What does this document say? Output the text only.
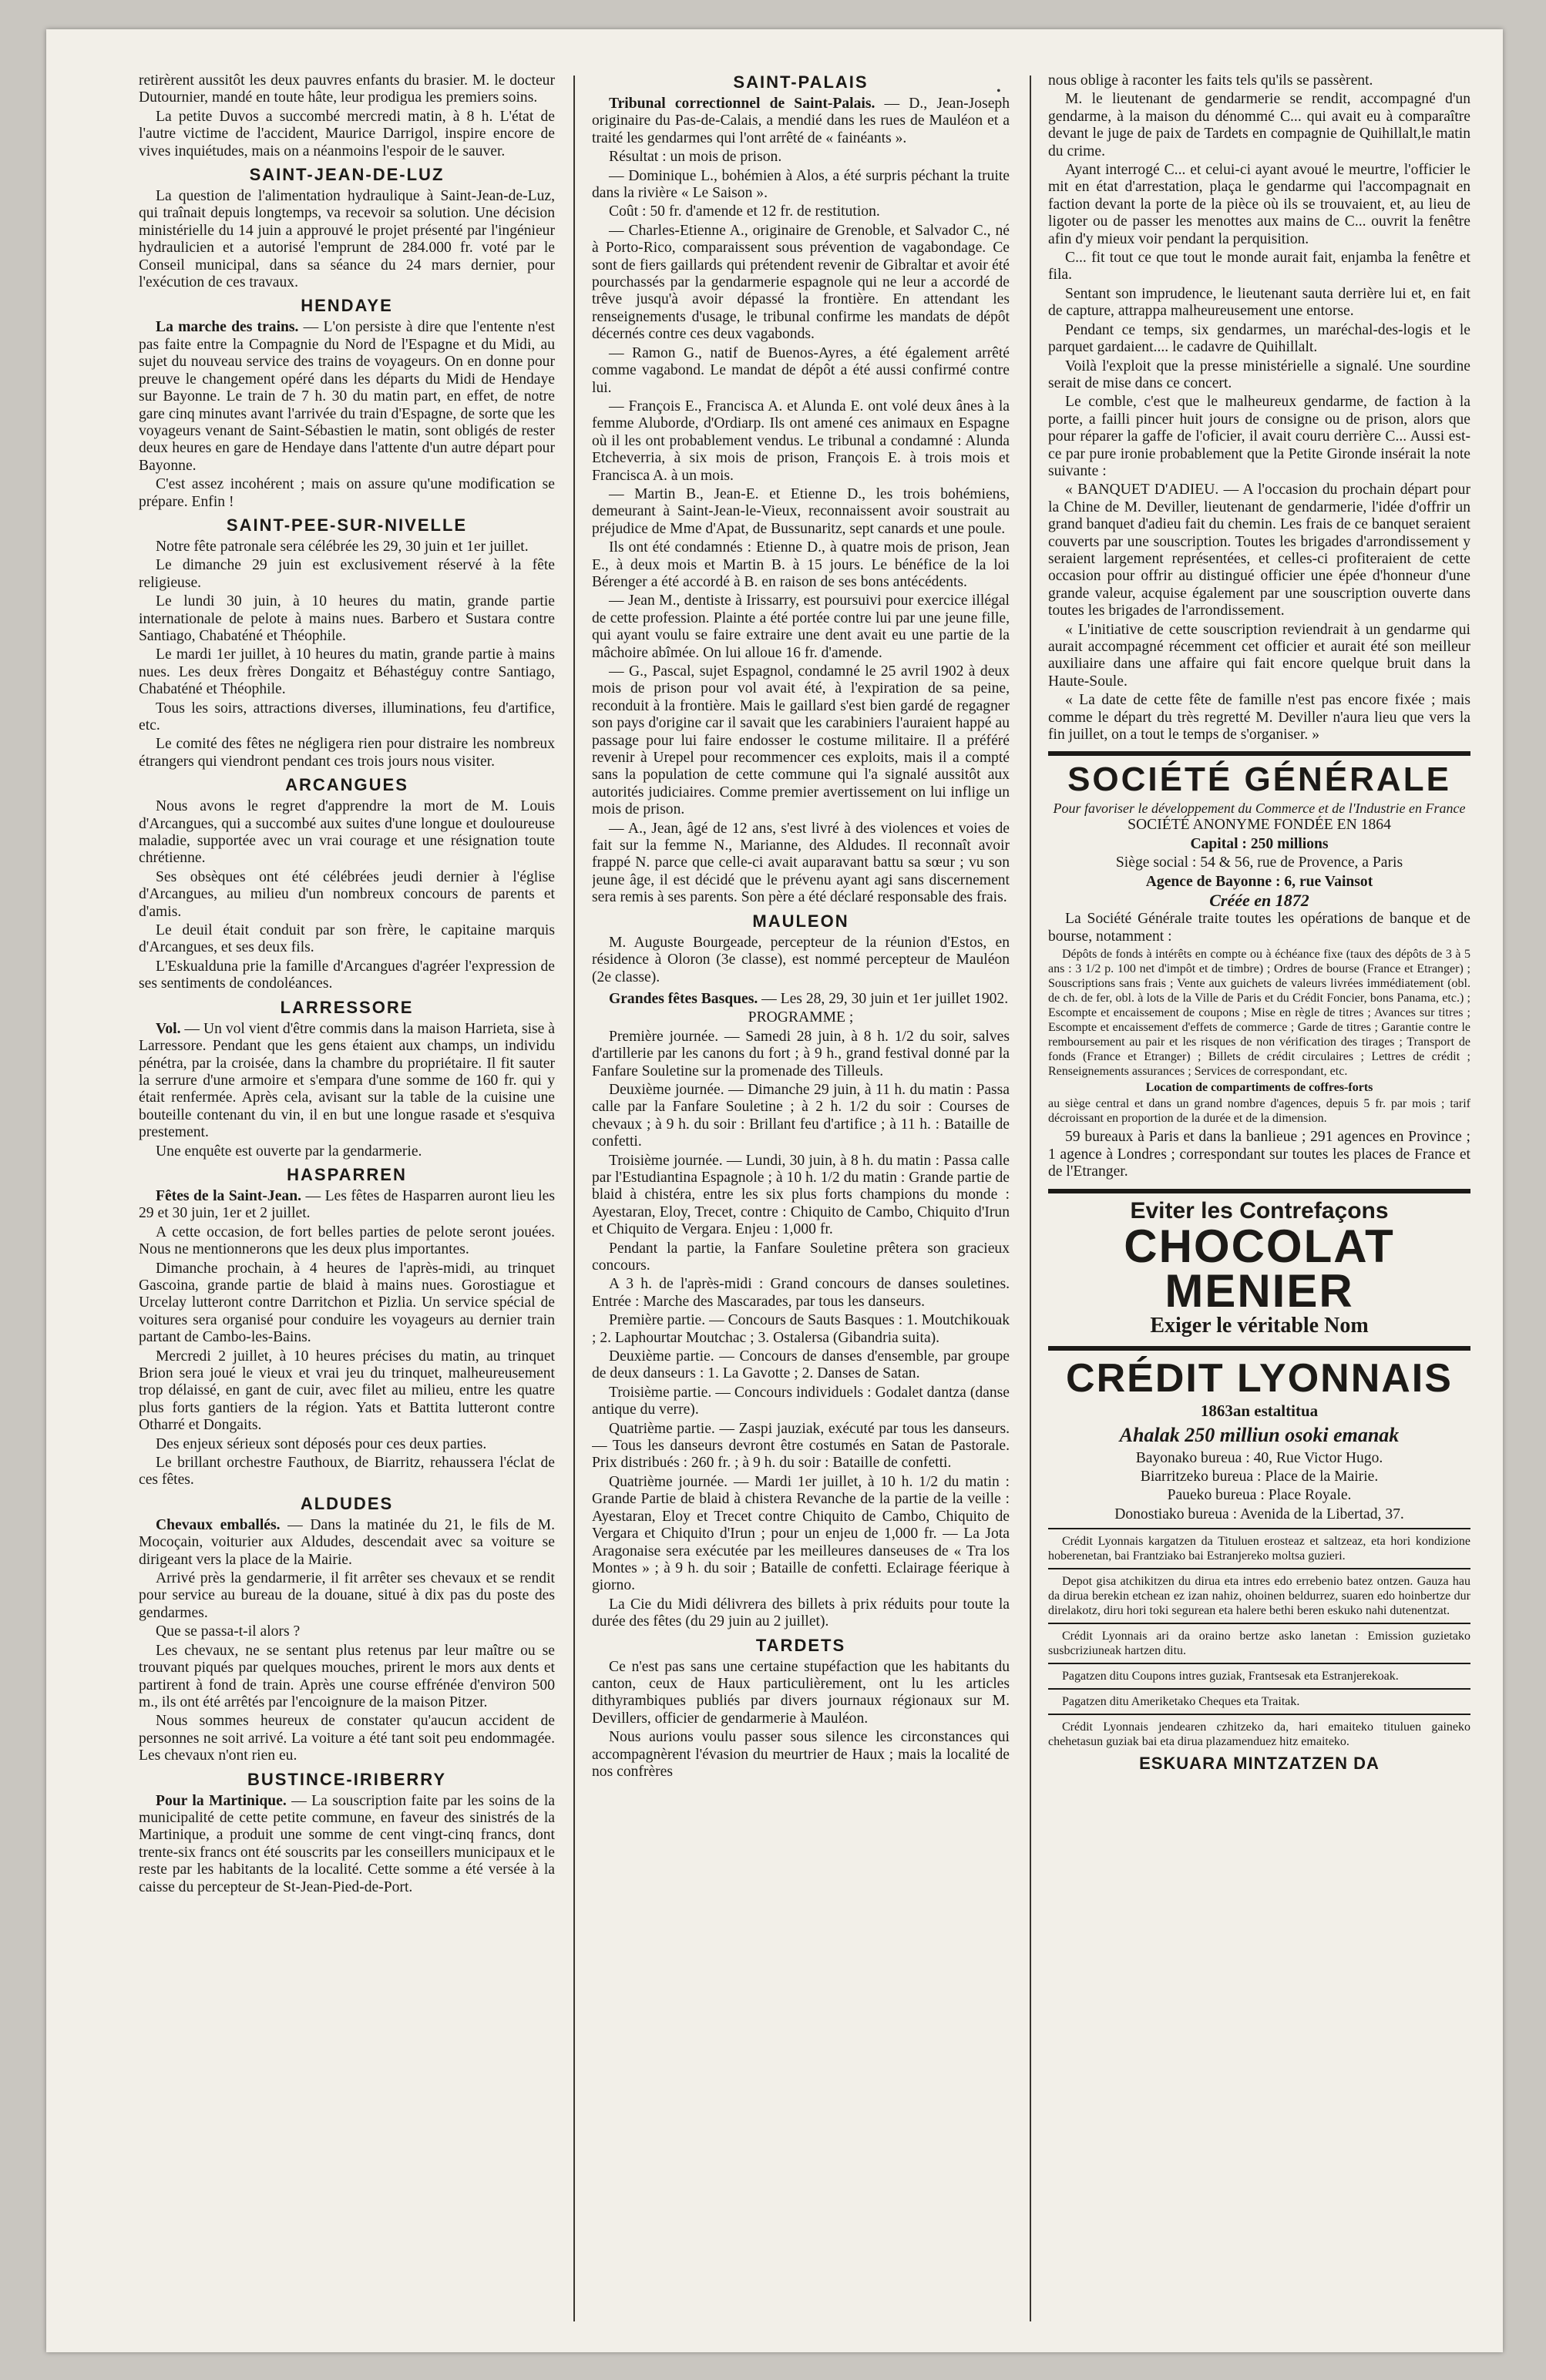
•

retirèrent aussitôt les deux pauvres enfants du brasier. M. le docteur Dutournier, mandé en toute hâte, leur prodigua les premiers soins.

La petite Duvos a succombé mercredi matin, à 8 h. L'état de l'autre victime de l'accident, Maurice Darrigol, inspire encore de vives inquiétudes, mais on a néanmoins l'espoir de le sauver.

SAINT-JEAN-DE-LUZ

La question de l'alimentation hydraulique à Saint-Jean-de-Luz, qui traînait depuis longtemps, va recevoir sa solution. Une décision ministérielle du 14 juin a approuvé le projet présenté par l'ingénieur hydraulicien et a autorisé l'emprunt de 284.000 fr. voté par le Conseil municipal, dans sa séance du 24 mars dernier, pour l'exécution de ces travaux.

HENDAYE

La marche des trains. — L'on persiste à dire que l'entente n'est pas faite entre la Compagnie du Nord de l'Espagne et du Midi, au sujet du nouveau service des trains de voyageurs. On en donne pour preuve le changement opéré dans les départs du Midi de Hendaye sur Bayonne. Le train de 7 h. 30 du matin part, en effet, de notre gare cinq minutes avant l'arrivée du train d'Espagne, de sorte que les voyageurs venant de Saint-Sébastien le matin, sont obligés de rester deux heures en gare de Hendaye dans l'attente d'un autre départ pour Bayonne.

C'est assez incohérent ; mais on assure qu'une modification se prépare. Enfin !

SAINT-PEE-SUR-NIVELLE

Notre fête patronale sera célébrée les 29, 30 juin et 1er juillet.

Le dimanche 29 juin est exclusivement réservé à la fête religieuse.

Le lundi 30 juin, à 10 heures du matin, grande partie internationale de pelote à mains nues. Barbero et Sustara contre Santiago, Chabaténé et Théophile.

Le mardi 1er juillet, à 10 heures du matin, grande partie à mains nues. Les deux frères Dongaitz et Béhastéguy contre Santiago, Chabaténé et Théophile.

Tous les soirs, attractions diverses, illuminations, feu d'artifice, etc.

Le comité des fêtes ne négligera rien pour distraire les nombreux étrangers qui viendront pendant ces trois jours nous visiter.

ARCANGUES

Nous avons le regret d'apprendre la mort de M. Louis d'Arcangues, qui a succombé aux suites d'une longue et douloureuse maladie, supportée avec un vrai courage et une résignation toute chrétienne.

Ses obsèques ont été célébrées jeudi dernier à l'église d'Arcangues, au milieu d'un nombreux concours de parents et d'amis.

Le deuil était conduit par son frère, le capitaine marquis d'Arcangues, et ses deux fils.

L'Eskualduna prie la famille d'Arcangues d'agréer l'expression de ses sentiments de condoléances.

LARRESSORE

Vol. — Un vol vient d'être commis dans la maison Harrieta, sise à Larressore. Pendant que les gens étaient aux champs, un individu pénétra, par la croisée, dans la chambre du propriétaire. Il fit sauter la serrure d'une armoire et s'empara d'une somme de 160 fr. qui y était renfermée. Après cela, avisant sur la table de la cuisine une bouteille contenant du vin, il en but une longue rasade et s'esquiva prestement.

Une enquête est ouverte par la gendarmerie.

HASPARREN

Fêtes de la Saint-Jean. — Les fêtes de Hasparren auront lieu les 29 et 30 juin, 1er et 2 juillet.

A cette occasion, de fort belles parties de pelote seront jouées. Nous ne mentionnerons que les deux plus importantes.

Dimanche prochain, à 4 heures de l'après-midi, au trinquet Gascoina, grande partie de blaid à mains nues. Gorostiague et Urcelay lutteront contre Darritchon et Pizlia. Un service spécial de voitures sera organisé pour conduire les voyageurs au dernier train partant de Cambo-les-Bains.

Mercredi 2 juillet, à 10 heures précises du matin, au trinquet Brion sera joué le vieux et vrai jeu du trinquet, malheureusement trop délaissé, en gant de cuir, avec filet au milieu, entre les quatre plus forts gantiers de la région. Yats et Battita lutteront contre Otharré et Dongaits.

Des enjeux sérieux sont déposés pour ces deux parties.

Le brillant orchestre Fauthoux, de Biarritz, rehaussera l'éclat de ces fêtes.

ALDUDES

Chevaux emballés. — Dans la matinée du 21, le fils de M. Mocoçain, voiturier aux Aldudes, descendait avec sa voiture se dirigeant vers la place de la Mairie.

Arrivé près la gendarmerie, il fit arrêter ses chevaux et se rendit pour service au bureau de la douane, situé à dix pas du poste des gendarmes.

Que se passa-t-il alors ?

Les chevaux, ne se sentant plus retenus par leur maître ou se trouvant piqués par quelques mouches, prirent le mors aux dents et partirent à fond de train. Après une course effrénée d'environ 500 m., ils ont été arrêtés par l'encoignure de la maison Pitzer.

Nous sommes heureux de constater qu'aucun accident de personnes ne soit arrivé. La voiture a été tant soit peu endommagée. Les chevaux n'ont rien eu.

BUSTINCE-IRIBERRY

Pour la Martinique. — La souscription faite par les soins de la municipalité de cette petite commune, en faveur des sinistrés de la Martinique, a produit une somme de cent vingt-cinq francs, dont trente-six francs ont été souscrits par les conseillers municipaux et le reste par les habitants de la localité. Cette somme a été versée à la caisse du percepteur de St-Jean-Pied-de-Port.

SAINT-PALAIS

Tribunal correctionnel de Saint-Palais. — D., Jean-Joseph originaire du Pas-de-Calais, a mendié dans les rues de Mauléon et a traité les gendarmes qui l'ont arrêté de « fainéants ».

Résultat : un mois de prison.

— Dominique L., bohémien à Alos, a été surpris péchant la truite dans la rivière « Le Saison ».

Coût : 50 fr. d'amende et 12 fr. de restitution.

— Charles-Etienne A., originaire de Grenoble, et Salvador C., né à Porto-Rico, comparaissent sous prévention de vagabondage. Ce sont de fiers gaillards qui prétendent revenir de Gibraltar et avoir été pourchassés par la gendarmerie espagnole qui ne leur a accordé de trêve jusqu'à avoir dépassé la frontière. En attendant les renseignements d'usage, le tribunal confirme les mandats de dépôt décernés contre ces deux vagabonds.

— Ramon G., natif de Buenos-Ayres, a été également arrêté comme vagabond. Le mandat de dépôt a été aussi confirmé contre lui.

— François E., Francisca A. et Alunda E. ont volé deux ânes à la femme Aluborde, d'Ordiarp. Ils ont amené ces animaux en Espagne où il les ont probablement vendus. Le tribunal a condamné : Alunda Etcheverria, à six mois de prison, François E. à trois mois et Francisca A. à un mois.

— Martin B., Jean-E. et Etienne D., les trois bohémiens, demeurant à Saint-Jean-le-Vieux, reconnaissent avoir soustrait au préjudice de Mme d'Apat, de Bussunaritz, sept canards et une poule.

Ils ont été condamnés : Etienne D., à quatre mois de prison, Jean E., à deux mois et Martin B. à 15 jours. Le bénéfice de la loi Bérenger a été accordé à B. en raison de ses bons antécédents.

— Jean M., dentiste à Irissarry, est poursuivi pour exercice illégal de cette profession. Plainte a été portée contre lui par une jeune fille, qui ayant voulu se faire extraire une dent avait eu une partie de la mâchoire abîmée. On lui alloue 16 fr. d'amende.

— G., Pascal, sujet Espagnol, condamné le 25 avril 1902 à deux mois de prison pour vol avait été, à l'expiration de sa peine, reconduit à la frontière. Mais le gaillard s'est bien gardé de regagner son pays d'origine car il savait que les carabiniers l'auraient happé au passage pour lui faire endosser le costume militaire. Il a préféré revenir à Urepel pour recommencer ces exploits, mais il a compté sans la population de cette commune qui l'a signalé aussitôt aux autorités judiciaires. Comme premier avertissement on lui inflige un mois de prison.

— A., Jean, âgé de 12 ans, s'est livré à des violences et voies de fait sur la femme N., Marianne, des Aldudes. Il reconnaît avoir frappé N. parce que celle-ci avait auparavant battu sa sœur ; vu son jeune âge, il est décidé que le prévenu ayant agi sans discernement sera remis à ses parents. Son père a été déclaré responsable des frais.

MAULEON

M. Auguste Bourgeade, percepteur de la réunion d'Estos, en résidence à Oloron (3e classe), est nommé percepteur de Mauléon (2e classe).

Grandes fêtes Basques. — Les 28, 29, 30 juin et 1er juillet 1902.

PROGRAMME ;

Première journée. — Samedi 28 juin, à 8 h. 1/2 du soir, salves d'artillerie par les canons du fort ; à 9 h., grand festival donné par la Fanfare Souletine sur la promenade des Tilleuls.

Deuxième journée. — Dimanche 29 juin, à 11 h. du matin : Passa calle par la Fanfare Souletine ; à 2 h. 1/2 du soir : Courses de chevaux ; à 9 h. du soir : Brillant feu d'artifice ; à 11 h. : Bataille de confetti.

Troisième journée. — Lundi, 30 juin, à 8 h. du matin : Passa calle par l'Estudiantina Espagnole ; à 10 h. 1/2 du matin : Grande partie de blaid à chistéra, entre les six plus forts champions du monde : Ayestaran, Eloy, Trecet, contre : Chiquito de Cambo, Chiquito d'Irun et Chiquito de Vergara. Enjeu : 1,000 fr.

Pendant la partie, la Fanfare Souletine prêtera son gracieux concours.

A 3 h. de l'après-midi : Grand concours de danses souletines. Entrée : Marche des Mascarades, par tous les danseurs.

Première partie. — Concours de Sauts Basques : 1. Moutchikouak ; 2. Laphourtar Moutchac ; 3. Ostalersa (Gibandria suita).

Deuxième partie. — Concours de danses d'ensemble, par groupe de deux danseurs : 1. La Gavotte ; 2. Danses de Satan.

Troisième partie. — Concours individuels : Godalet dantza (danse antique du verre).

Quatrième partie. — Zaspi jauziak, exécuté par tous les danseurs. — Tous les danseurs devront être costumés en Satan de Pastorale. Prix distribués : 260 fr. ; à 9 h. du soir : Bataille de confetti.

Quatrième journée. — Mardi 1er juillet, à 10 h. 1/2 du matin : Grande Partie de blaid à chistera Revanche de la partie de la veille : Ayestaran, Eloy et Trecet contre Chiquito de Cambo, Chiquito de Vergara et Chiquito d'Irun ; pour un enjeu de 1,000 fr. — La Jota Aragonaise sera exécutée par les meilleures danseuses de « Tra los Montes » ; à 9 h. du soir ; Bataille de confetti. Eclairage féerique à giorno.

La Cie du Midi délivrera des billets à prix réduits pour toute la durée des fêtes (du 29 juin au 2 juillet).

TARDETS

Ce n'est pas sans une certaine stupéfaction que les habitants du canton, ceux de Haux particulièrement, ont lu les articles dithyrambiques publiés par divers journaux régionaux sur M. Devillers, officier de gendarmerie à Mauléon.

Nous aurions voulu passer sous silence les circonstances qui accompagnèrent l'évasion du meurtrier de Haux ; mais la localité de nos confrères

nous oblige à raconter les faits tels qu'ils se passèrent.

M. le lieutenant de gendarmerie se rendit, accompagné d'un gendarme, à la maison du dénommé C... qui avait eu à comparaître devant le juge de paix de Tardets en compagnie de Quihillalt,le matin du crime.

Ayant interrogé C... et celui-ci ayant avoué le meurtre, l'officier le mit en état d'arrestation, plaça le gendarme qui l'accompagnait en faction devant la porte de la pièce où ils se trouvaient, et, au lieu de ligoter ou de passer les menottes aux mains de C... ouvrit la fenêtre afin d'y mieux voir pendant la perquisition.

C... fit tout ce que tout le monde aurait fait, enjamba la fenêtre et fila.

Sentant son imprudence, le lieutenant sauta derrière lui et, en fait de capture, attrappa malheureusement une entorse.

Pendant ce temps, six gendarmes, un maréchal-des-logis et le parquet gardaient.... le cadavre de Quihillalt.

Voilà l'exploit que la presse ministérielle a signalé. Une sourdine serait de mise dans ce concert.

Le comble, c'est que le malheureux gendarme, de faction à la porte, a failli pincer huit jours de consigne ou de prison, alors que pour réparer la gaffe de l'oficier, il avait couru derrière C... Aussi est-ce par pure ironie probablement que la Petite Gironde insérait la note suivante :

« BANQUET D'ADIEU. — A l'occasion du prochain départ pour la Chine de M. Deviller, lieutenant de gendarmerie, l'idée d'offrir un grand banquet d'adieu fait du chemin. Les frais de ce banquet seraient couverts par une souscription. Toutes les brigades d'arrondissement y seraient largement représentées, et celles-ci profiteraient de cette occasion pour offrir au distingué officier une épée d'honneur d'une grande valeur, acquise également par une souscription ouverte dans toutes les brigades de l'arrondissement.

« L'initiative de cette souscription reviendrait à un gendarme qui aurait accompagné récemment cet officier et aurait été son meilleur auxiliaire dans une affaire qui fait encore quelque bruit dans la Haute-Soule.

« La date de cette fête de famille n'est pas encore fixée ; mais comme le départ du très regretté M. Deviller n'aura lieu que vers la fin juillet, on a tout le temps de s'organiser. »

SOCIÉTÉ GÉNÉRALE
Pour favoriser le développement du Commerce et de l'Industrie en France

SOCIÉTÉ ANONYME FONDÉE EN 1864

Capital : 250 millions

Siège social : 54 & 56, rue de Provence, a Paris

Agence de Bayonne : 6, rue Vainsot

Créée en 1872

La Société Générale traite toutes les opérations de banque et de bourse, notamment :

Dépôts de fonds à intérêts en compte ou à échéance fixe (taux des dépôts de 3 à 5 ans : 3 1/2 p. 100 net d'impôt et de timbre) ; Ordres de bourse (France et Etranger) ; Souscriptions sans frais ; Vente aux guichets de valeurs livrées immédiatement (obl. de ch. de fer, obl. à lots de la Ville de Paris et du Crédit Foncier, bons Panama, etc.) ; Escompte et encaissement de coupons ; Mise en règle de titres ; Avances sur titres ; Escompte et encaissement d'effets de commerce ; Garde de titres ; Garantie contre le remboursement au pair et les risques de non vérification des tirages ; Transport de fonds (France et Etranger) ; Billets de crédit circulaires ; Lettres de crédit ; Renseignements assurances ; Services de correspondant, etc.

Location de compartiments de coffres-forts

au siège central et dans un grand nombre d'agences, depuis 5 fr. par mois ; tarif décroissant en proportion de la durée et de la dimension.

59 bureaux à Paris et dans la banlieue ; 291 agences en Province ; 1 agence à Londres ; correspondant sur toutes les places de France et de l'Etranger.

Eviter les Contrefaçons
CHOCOLAT
MENIER
Exiger le véritable Nom
CRÉDIT LYONNAIS
1863an estaltitua
Ahalak 250 milliun osoki emanak

Bayonako bureua : 40, Rue Victor Hugo.

Biarritzeko bureua : Place de la Mairie.

Paueko bureua : Place Royale.

Donostiako bureua : Avenida de la Libertad, 37.

Crédit Lyonnais kargatzen da Tituluen erosteaz et saltzeaz, eta hori kondizione hoberenetan, bai Frantziako bai Estranjereko moltsa guzieri.

Depot gisa atchikitzen du dirua eta intres edo errebenio batez ontzen. Gauza hau da dirua berekin etchean ez izan nahiz, ohoinen beldurrez, suaren edo hoinbertze dur direlakotz, diru hori toki segurean eta halere bethi beren eskuko nahi dutenentzat.

Crédit Lyonnais ari da oraino bertze asko lanetan : Emission guzietako susbcriziuneak hartzen ditu.

Pagatzen ditu Coupons intres guziak, Frantsesak eta Estranjerekoak.

Pagatzen ditu Ameriketako Cheques eta Traitak.

Crédit Lyonnais jendearen czhitzeko da, hari emaiteko tituluen gaineko chehetasun guziak bai eta dirua plazamenduez hitz emaiteko.

ESKUARA MINTZATZEN DA
